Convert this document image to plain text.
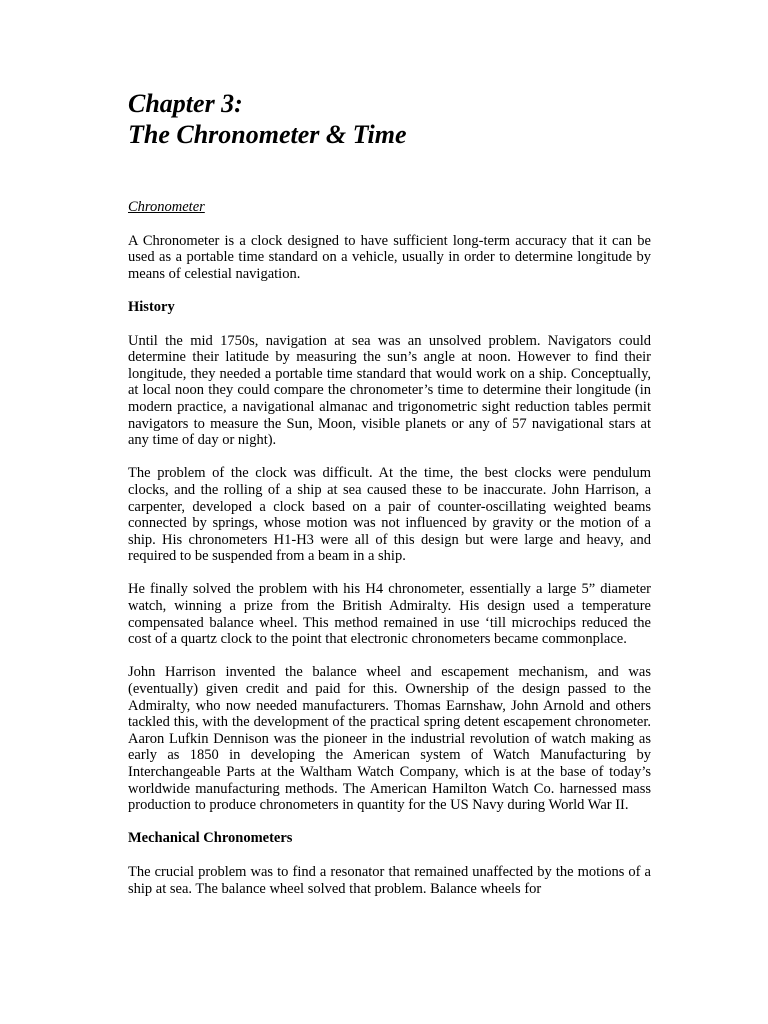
Chapter 3:
The Chronometer & Time
Chronometer

A Chronometer is a clock designed to have sufficient long-term accuracy that it can be used as a portable time standard on a vehicle, usually in order to determine longitude by means of celestial navigation.

History

Until the mid 1750s, navigation at sea was an unsolved problem. Navigators could determine their latitude by measuring the sun’s angle at noon. However to find their longitude, they needed a portable time standard that would work on a ship. Conceptually, at local noon they could compare the chronometer’s time to determine their longitude (in modern practice, a navigational almanac and trigonometric sight reduction tables permit navigators to measure the Sun, Moon, visible planets or any of 57 navigational stars at any time of day or night).

The problem of the clock was difficult. At the time, the best clocks were pendulum clocks, and the rolling of a ship at sea caused these to be inaccurate. John Harrison, a carpenter, developed a clock based on a pair of counter-oscillating weighted beams connected by springs, whose motion was not influenced by gravity or the motion of a ship. His chronometers H1-H3 were all of this design but were large and heavy, and required to be suspended from a beam in a ship.

He finally solved the problem with his H4 chronometer, essentially a large 5” diameter watch, winning a prize from the British Admiralty. His design used a temperature compensated balance wheel. This method remained in use ‘till microchips reduced the cost of a quartz clock to the point that electronic chronometers became commonplace.

John Harrison invented the balance wheel and escapement mechanism, and was (eventually) given credit and paid for this. Ownership of the design passed to the Admiralty, who now needed manufacturers. Thomas Earnshaw, John Arnold and others tackled this, with the development of the practical spring detent escapement chronometer. Aaron Lufkin Dennison was the pioneer in the industrial revolution of watch making as early as 1850 in developing the American system of Watch Manufacturing by Interchangeable Parts at the Waltham Watch Company, which is at the base of today’s worldwide manufacturing methods. The American Hamilton Watch Co. harnessed mass production to produce chronometers in quantity for the US Navy during World War II.

Mechanical Chronometers

The crucial problem was to find a resonator that remained unaffected by the motions of a ship at sea. The balance wheel solved that problem. Balance wheels for
